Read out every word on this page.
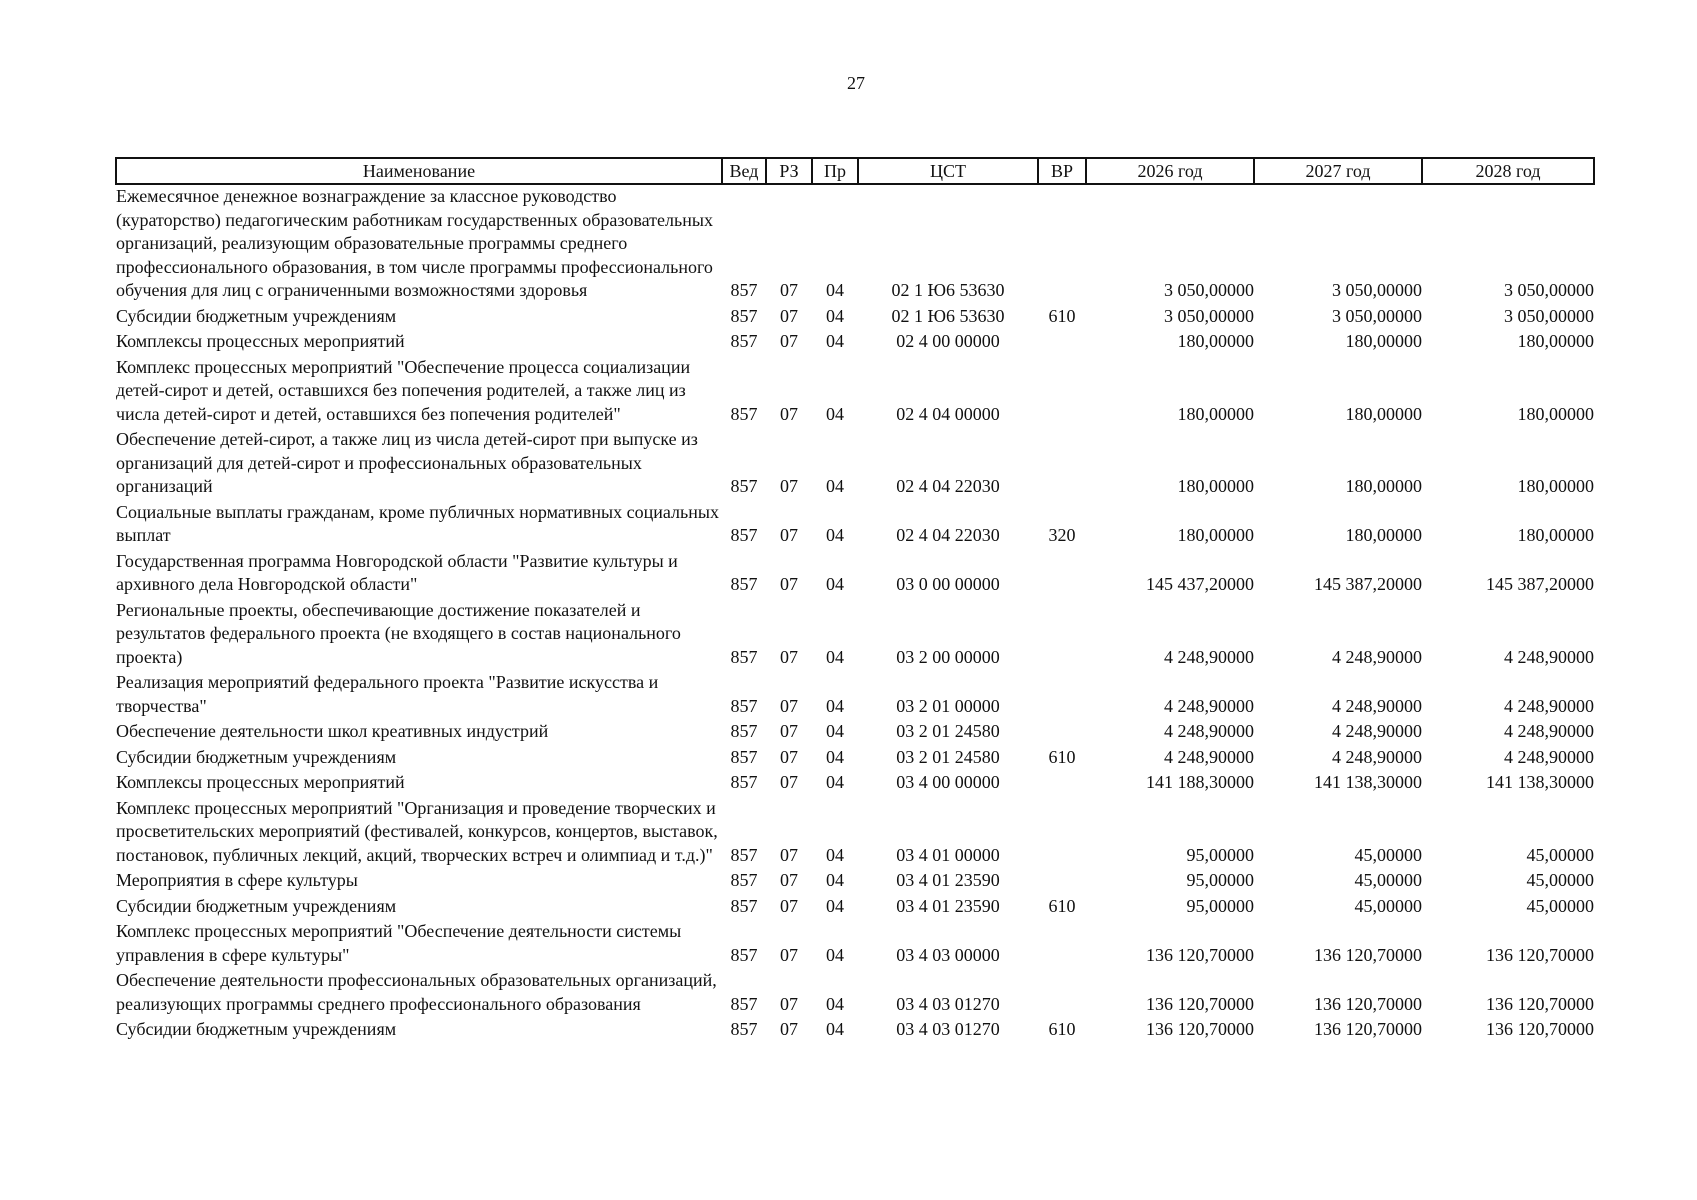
27
Наименование	Вед	РЗ	Пр	ЦСТ	ВР	2026 год	2027 год	2028 год
Ежемесячное денежное вознаграждение за классное руководство (кураторство) педагогическим работникам государственных образовательных организаций, реализующим образовательные программы среднего профессионального образования, в том числе программы профессионального обучения для лиц с ограниченными возможностями здоровья	857	07	04	02 1 Ю6 53630		3 050,00000	3 050,00000	3 050,00000
Субсидии бюджетным учреждениям	857	07	04	02 1 Ю6 53630	610	3 050,00000	3 050,00000	3 050,00000
Комплексы процессных мероприятий	857	07	04	02 4 00 00000		180,00000	180,00000	180,00000
Комплекс процессных мероприятий "Обеспечение процесса социализации детей-сирот и детей, оставшихся без попечения родителей, а также лиц из числа детей-сирот и детей, оставшихся без попечения родителей"	857	07	04	02 4 04 00000		180,00000	180,00000	180,00000
Обеспечение детей-сирот, а также лиц из числа детей-сирот при выпуске из организаций для детей-сирот и профессиональных образовательных организаций	857	07	04	02 4 04 22030		180,00000	180,00000	180,00000
Социальные выплаты гражданам, кроме публичных нормативных социальных выплат	857	07	04	02 4 04 22030	320	180,00000	180,00000	180,00000
Государственная программа Новгородской области "Развитие культуры и архивного дела Новгородской области"	857	07	04	03 0 00 00000		145 437,20000	145 387,20000	145 387,20000
Региональные проекты, обеспечивающие достижение показателей и результатов федерального проекта (не входящего в состав национального проекта)	857	07	04	03 2 00 00000		4 248,90000	4 248,90000	4 248,90000
Реализация мероприятий федерального проекта "Развитие искусства и творчества"	857	07	04	03 2 01 00000		4 248,90000	4 248,90000	4 248,90000
Обеспечение деятельности школ креативных индустрий	857	07	04	03 2 01 24580		4 248,90000	4 248,90000	4 248,90000
Субсидии бюджетным учреждениям	857	07	04	03 2 01 24580	610	4 248,90000	4 248,90000	4 248,90000
Комплексы процессных мероприятий	857	07	04	03 4 00 00000		141 188,30000	141 138,30000	141 138,30000
Комплекс процессных мероприятий "Организация и проведение творческих и просветительских мероприятий (фестивалей, конкурсов, концертов, выставок, постановок, публичных лекций, акций, творческих встреч и олимпиад и т.д.)"	857	07	04	03 4 01 00000		95,00000	45,00000	45,00000
Мероприятия в сфере культуры	857	07	04	03 4 01 23590		95,00000	45,00000	45,00000
Субсидии бюджетным учреждениям	857	07	04	03 4 01 23590	610	95,00000	45,00000	45,00000
Комплекс процессных мероприятий "Обеспечение деятельности системы управления в сфере культуры"	857	07	04	03 4 03 00000		136 120,70000	136 120,70000	136 120,70000
Обеспечение деятельности профессиональных образовательных организаций, реализующих программы среднего профессионального образования	857	07	04	03 4 03 01270		136 120,70000	136 120,70000	136 120,70000
Субсидии бюджетным учреждениям	857	07	04	03 4 03 01270	610	136 120,70000	136 120,70000	136 120,70000
